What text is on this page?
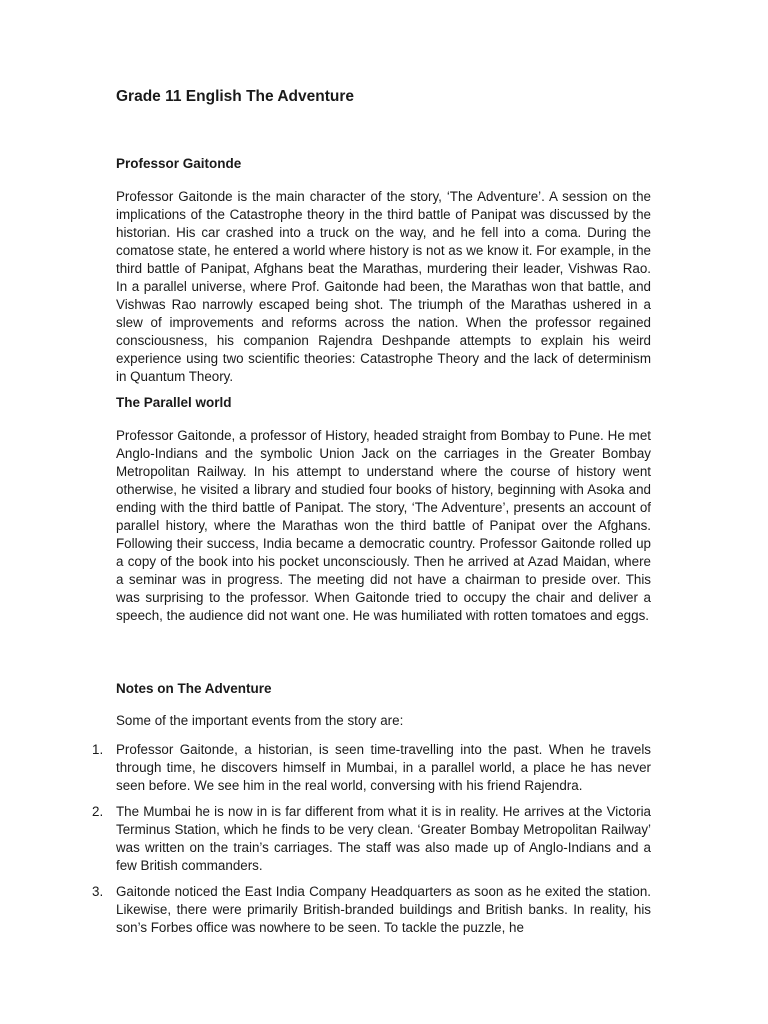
Grade 11 English The Adventure
Professor Gaitonde

Professor Gaitonde is the main character of the story, ‘The Adventure’. A session on the implications of the Catastrophe theory in the third battle of Panipat was discussed by the historian. His car crashed into a truck on the way, and he fell into a coma. During the comatose state, he entered a world where history is not as we know it. For example, in the third battle of Panipat, Afghans beat the Marathas, murdering their leader, Vishwas Rao. In a parallel universe, where Prof. Gaitonde had been, the Marathas won that battle, and Vishwas Rao narrowly escaped being shot. The triumph of the Marathas ushered in a slew of improvements and reforms across the nation. When the professor regained consciousness, his companion Rajendra Deshpande attempts to explain his weird experience using two scientific theories: Catastrophe Theory and the lack of determinism in Quantum Theory.

The Parallel world

Professor Gaitonde, a professor of History, headed straight from Bombay to Pune. He met Anglo-Indians and the symbolic Union Jack on the carriages in the Greater Bombay Metropolitan Railway. In his attempt to understand where the course of history went otherwise, he visited a library and studied four books of history, beginning with Asoka and ending with the third battle of Panipat. The story, ‘The Adventure’, presents an account of parallel history, where the Marathas won the third battle of Panipat over the Afghans. Following their success, India became a democratic country. Professor Gaitonde rolled up a copy of the book into his pocket unconsciously. Then he arrived at Azad Maidan, where a seminar was in progress. The meeting did not have a chairman to preside over. This was surprising to the professor. When Gaitonde tried to occupy the chair and deliver a speech, the audience did not want one. He was humiliated with rotten tomatoes and eggs.

Notes on The Adventure

Some of the important events from the story are:

1. Professor Gaitonde, a historian, is seen time-travelling into the past. When he travels through time, he discovers himself in Mumbai, in a parallel world, a place he has never seen before. We see him in the real world, conversing with his friend Rajendra.
2. The Mumbai he is now in is far different from what it is in reality. He arrives at the Victoria Terminus Station, which he finds to be very clean. ‘Greater Bombay Metropolitan Railway’ was written on the train’s carriages. The staff was also made up of Anglo-Indians and a few British commanders.
3. Gaitonde noticed the East India Company Headquarters as soon as he exited the station. Likewise, there were primarily British-branded buildings and British banks. In reality, his son’s Forbes office was nowhere to be seen. To tackle the puzzle, he
